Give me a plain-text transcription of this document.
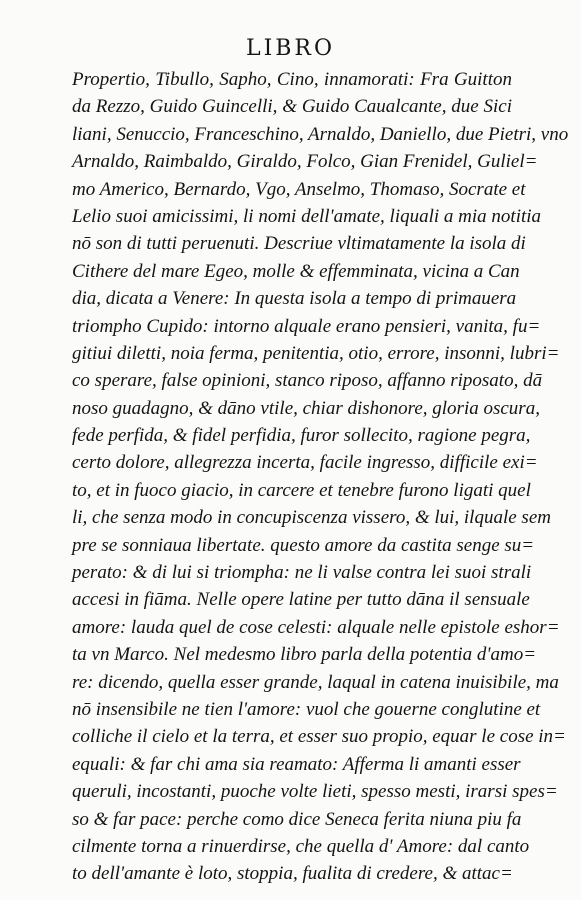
LIBRO
Propertio, Tibullo, Sapho, Cino, innamorati: Fra Guitton
da Rezzo, Guido Guincelli, & Guido Caualcante, due Sici
liani, Senuccio, Franceschino, Arnaldo, Daniello, due Pietri, vno
Arnaldo, Raimbaldo, Giraldo, Folco, Gian Frenidel, Guliel=
mo Americo, Bernardo, Vgo, Anselmo, Thomaso, Socrate et
Lelio suoi amicissimi, li nomi dell'amate, liquali a mia notitia
nō son di tutti peruenuti. Descriue vltimatamente la isola di
Cithere del mare Egeo, molle & effemminata, vicina a Can
dia, dicata a Venere: In questa isola a tempo di primauera
triompho Cupido: intorno alquale erano pensieri, vanita, fu=
gitiui diletti, noia ferma, penitentia, otio, errore, insonni, lubri=
co sperare, false opinioni, stanco riposo, affanno riposato, dā
noso guadagno, & dāno vtile, chiar dishonore, gloria oscura,
fede perfida, & fidel perfidia, furor sollecito, ragione pegra,
certo dolore, allegrezza incerta, facile ingresso, difficile exi=
to, et in fuoco giacio, in carcere et tenebre furono ligati quel
li, che senza modo in concupiscenza vissero, & lui, ilquale sem
pre se sonniaua libertate. questo amore da castita senge su=
perato: & di lui si triompha: ne li valse contra lei suoi strali
accesi in fiāma. Nelle opere latine per tutto dāna il sensuale
amore: lauda quel de cose celesti: alquale nelle epistole eshor=
ta vn Marco. Nel medesmo libro parla della potentia d'amo=
re: dicendo, quella esser grande, laqual in catena inuisibile, ma
nō insensibile ne tien l'amore: vuol che gouerne conglutine et
colliche il cielo et la terra, et esser suo propio, equar le cose in=
equali: & far chi ama sia reamato: Afferma li amanti esser
queruli, incostanti, puoche volte lieti, spesso mesti, irarsi spes=
so & far pace: perche como dice Seneca ferita niuna piu fa
cilmente torna a rinuerdirse, che quella d' Amore: dal canto
to dell'amante è loto, stoppia, fualita di credere, & attac=
